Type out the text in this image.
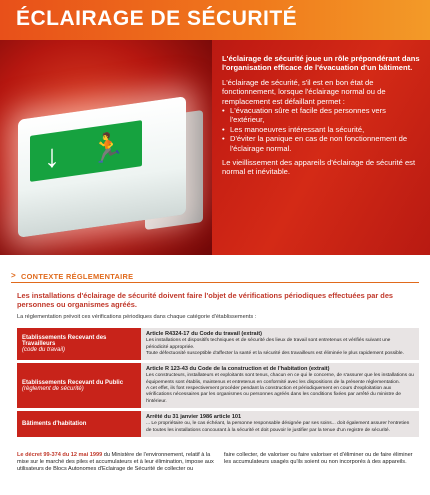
ÉCLAIRAGE DE SÉCURITÉ
↓ 🏃

L'éclairage de sécurité joue un rôle prépondérant dans l'organisation efficace de l'évacuation d'un bâtiment.

L'éclairage de sécurité, s'il est en bon état de fonctionnement, lorsque l'éclairage normal ou de remplacement est défaillant permet :

• L'évacuation sûre et facile des personnes vers l'extérieur,
• Les manoeuvres intéressant la sécurité,
• D'éviter la panique en cas de non fonctionnement de l'éclairage normal.

Le vieillissement des appareils d'éclairage de sécurité est normal et inévitable.

> CONTEXTE RÉGLEMENTAIRE
Les installations d'éclairage de sécurité doivent faire l'objet de vérifications périodiques effectuées par des personnes ou organismes agréés.
La réglementation prévoit ces vérifications périodiques dans chaque catégorie d'établissements :
Etablissements Recevant des Travailleurs
(code du travail)
Article R4324-17 du Code du travail (extrait)

Les installations et dispositifs techniques et de sécurité des lieux de travail sont entretenus et vérifiés suivant une périodicité appropriée.

Toute défectuosité susceptible d'affecter la santé et la sécurité des travailleurs est éliminée le plus rapidement possible.

Etablissements Recevant du Public
(règlement de sécurité)
Article R 123-43 du Code de la construction et de l'habitation (extrait)

Les constructeurs, installateurs et exploitants sont tenus, chacun en ce qui le concerne, de s'assurer que les installations ou équipements sont établis, maintenus et entretenus en conformité avec les dispositions de la présente réglementation.

A cet effet, ils font respectivement procéder pendant la construction et périodiquement en cours d'exploitation aux vérifications nécessaires par les organismes ou personnes agréés dans les conditions fixées par arrêté du ministre de l'intérieur.

Bâtiments d'habitation
Arrêté du 31 janvier 1986 article 101

... Le propriétaire ou, le cas échéant, la personne responsable désignée par ses soins... doit également assurer l'entretien de toutes les installations concourant à la sécurité et doit pouvoir le justifier par la tenue d'un registre de sécurité.

Le décret 99-374 du 12 mai 1999 du Ministère de l'environnement, relatif à la mise sur le marché des piles et accumulateurs et à leur élimination, impose aux utilisateurs de Blocs Autonomes d'Eclairage de Sécurité de collecter ou
faire collecter, de valoriser ou faire valoriser et d'éliminer ou de faire éliminer les accumulateurs usagés qu'ils soient ou non incorporés à des appareils.
